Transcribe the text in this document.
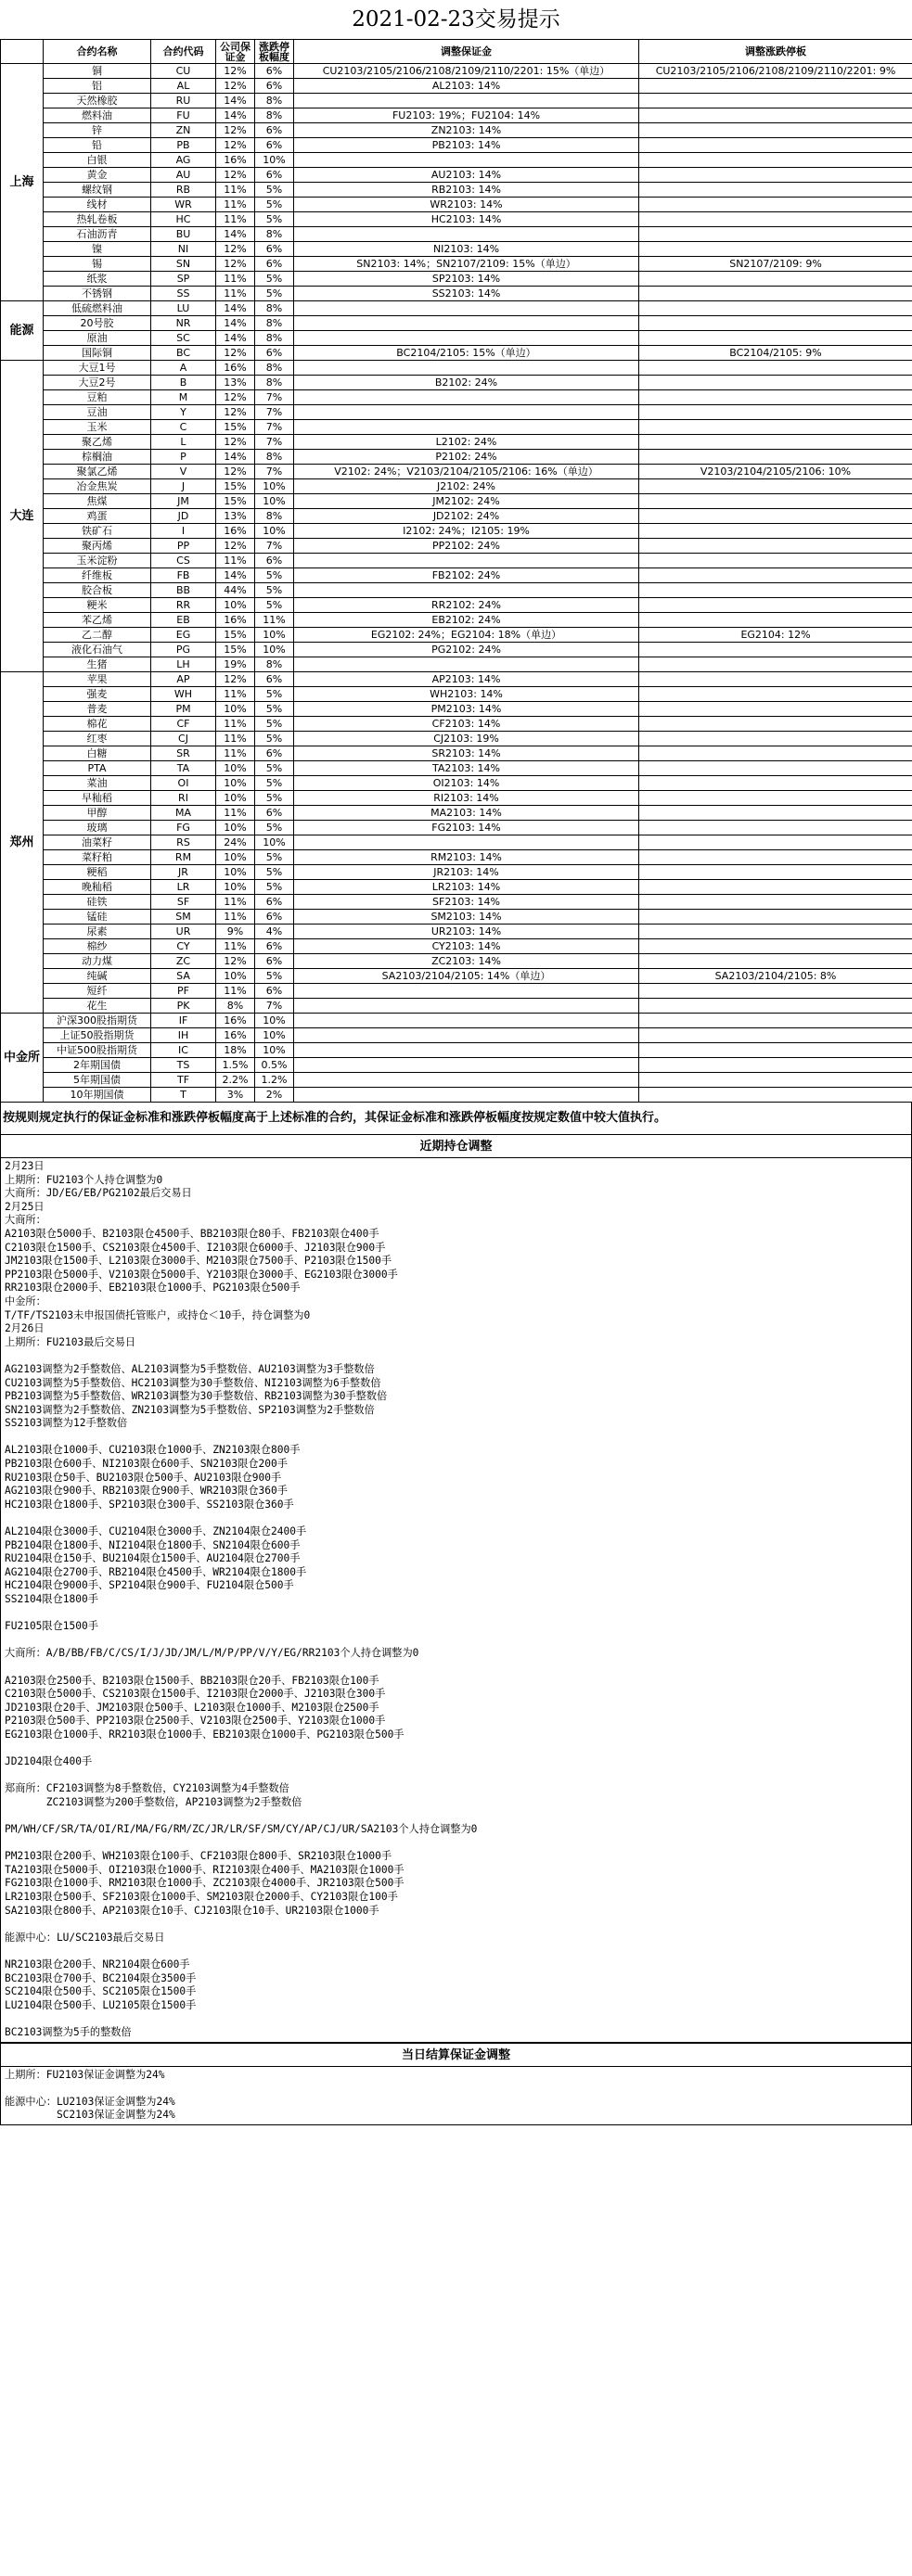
2021-02-23交易提示
	合约名称	合约代码	公司保证金	涨跌停板幅度	调整保证金	调整涨跌停板
上海	铜	CU	12%	6%	CU2103/2105/2106/2108/2109/2110/2201: 15%（单边）	CU2103/2105/2106/2108/2109/2110/2201: 9%
	铝	AL	12%	6%	AL2103: 14%	
	天然橡胶	RU	14%	8%		
	燃料油	FU	14%	8%	FU2103: 19%；FU2104: 14%	
	锌	ZN	12%	6%	ZN2103: 14%	
	铅	PB	12%	6%	PB2103: 14%	
	白银	AG	16%	10%		
	黄金	AU	12%	6%	AU2103: 14%	
	螺纹钢	RB	11%	5%	RB2103: 14%	
	线材	WR	11%	5%	WR2103: 14%	
	热轧卷板	HC	11%	5%	HC2103: 14%	
	石油沥青	BU	14%	8%		
	镍	NI	12%	6%	NI2103: 14%	
	锡	SN	12%	6%	SN2103: 14%；SN2107/2109: 15%（单边）	SN2107/2109: 9%
	纸浆	SP	11%	5%	SP2103: 14%	
	不锈钢	SS	11%	5%	SS2103: 14%	
能源	低硫燃料油	LU	14%	8%		
	20号胶	NR	14%	8%		
	原油	SC	14%	8%		
	国际铜	BC	12%	6%	BC2104/2105: 15%（单边）	BC2104/2105: 9%
大连	大豆1号	A	16%	8%		
	大豆2号	B	13%	8%	B2102: 24%	
	豆粕	M	12%	7%		
	豆油	Y	12%	7%		
	玉米	C	15%	7%		
	聚乙烯	L	12%	7%	L2102: 24%	
	棕榈油	P	14%	8%	P2102: 24%	
	聚氯乙烯	V	12%	7%	V2102: 24%；V2103/2104/2105/2106: 16%（单边）	V2103/2104/2105/2106: 10%
	冶金焦炭	J	15%	10%	J2102: 24%	
	焦煤	JM	15%	10%	JM2102: 24%	
	鸡蛋	JD	13%	8%	JD2102: 24%	
	铁矿石	I	16%	10%	I2102: 24%；I2105: 19%	
	聚丙烯	PP	12%	7%	PP2102: 24%	
	玉米淀粉	CS	11%	6%		
	纤维板	FB	14%	5%	FB2102: 24%	
	胶合板	BB	44%	5%		
	粳米	RR	10%	5%	RR2102: 24%	
	苯乙烯	EB	16%	11%	EB2102: 24%	
	乙二醇	EG	15%	10%	EG2102: 24%；EG2104: 18%（单边）	EG2104: 12%
	液化石油气	PG	15%	10%	PG2102: 24%	
	生猪	LH	19%	8%		
郑州	苹果	AP	12%	6%	AP2103: 14%	
	强麦	WH	11%	5%	WH2103: 14%	
	普麦	PM	10%	5%	PM2103: 14%	
	棉花	CF	11%	5%	CF2103: 14%	
	红枣	CJ	11%	5%	CJ2103: 19%	
	白糖	SR	11%	6%	SR2103: 14%	
	PTA	TA	10%	5%	TA2103: 14%	
	菜油	OI	10%	5%	OI2103: 14%	
	早籼稻	RI	10%	5%	RI2103: 14%	
	甲醇	MA	11%	6%	MA2103: 14%	
	玻璃	FG	10%	5%	FG2103: 14%	
	油菜籽	RS	24%	10%		
	菜籽粕	RM	10%	5%	RM2103: 14%	
	粳稻	JR	10%	5%	JR2103: 14%	
	晚籼稻	LR	10%	5%	LR2103: 14%	
	硅铁	SF	11%	6%	SF2103: 14%	
	锰硅	SM	11%	6%	SM2103: 14%	
	尿素	UR	9%	4%	UR2103: 14%	
	棉纱	CY	11%	6%	CY2103: 14%	
	动力煤	ZC	12%	6%	ZC2103: 14%	
	纯碱	SA	10%	5%	SA2103/2104/2105: 14%（单边）	SA2103/2104/2105: 8%
	短纤	PF	11%	6%		
	花生	PK	8%	7%		
中金所	沪深300股指期货	IF	16%	10%		
	上证50股指期货	IH	16%	10%		
	中证500股指期货	IC	18%	10%		
	2年期国债	TS	1.5%	0.5%		
	5年期国债	TF	2.2%	1.2%		
	10年期国债	T	3%	2%		
按规则规定执行的保证金标准和涨跌停板幅度高于上述标准的合约，其保证金标准和涨跌停板幅度按规定数值中较大值执行。
近期持仓调整
2月23日
上期所：FU2103个人持仓调整为0
大商所：JD/EG/EB/PG2102最后交易日
2月25日
大商所：
A2103限仓5000手、B2103限仓4500手、BB2103限仓80手、FB2103限仓400手
C2103限仓1500手、CS2103限仓4500手、I2103限仓6000手、J2103限仓900手
JM2103限仓1500手、L2103限仓3000手、M2103限仓7500手、P2103限仓1500手
PP2103限仓5000手、V2103限仓5000手、Y2103限仓3000手、EG2103限仓3000手
RR2103限仓2000手、EB2103限仓1000手、PG2103限仓500手
中金所：
T/TF/TS2103未申报国债托管账户，或持仓＜10手，持仓调整为0
2月26日
上期所：FU2103最后交易日
AG2103调整为2手整数倍、AL2103调整为5手整数倍、AU2103调整为3手整数倍
CU2103调整为5手整数倍、HC2103调整为30手整数倍、NI2103调整为6手整数倍
PB2103调整为5手整数倍、WR2103调整为30手整数倍、RB2103调整为30手整数倍
SN2103调整为2手整数倍、ZN2103调整为5手整数倍、SP2103调整为2手整数倍
SS2103调整为12手整数倍
AL2103限仓1000手、CU2103限仓1000手、ZN2103限仓800手
PB2103限仓600手、NI2103限仓600手、SN2103限仓200手
RU2103限仓50手、BU2103限仓500手、AU2103限仓900手
AG2103限仓900手、RB2103限仓900手、WR2103限仓360手
HC2103限仓1800手、SP2103限仓300手、SS2103限仓360手
AL2104限仓3000手、CU2104限仓3000手、ZN2104限仓2400手
PB2104限仓1800手、NI2104限仓1800手、SN2104限仓600手
RU2104限仓150手、BU2104限仓1500手、AU2104限仓2700手
AG2104限仓2700手、RB2104限仓4500手、WR2104限仓1800手
HC2104限仓9000手、SP2104限仓900手、FU2104限仓500手
SS2104限仓1800手
FU2105限仓1500手
大商所：A/B/BB/FB/C/CS/I/J/JD/JM/L/M/P/PP/V/Y/EG/RR2103个人持仓调整为0
A2103限仓2500手、B2103限仓1500手、BB2103限仓20手、FB2103限仓100手
C2103限仓5000手、CS2103限仓1500手、I2103限仓2000手、J2103限仓300手
JD2103限仓20手、JM2103限仓500手、L2103限仓1000手、M2103限仓2500手
P2103限仓500手、PP2103限仓2500手、V2103限仓2500手、Y2103限仓1000手
EG2103限仓1000手、RR2103限仓1000手、EB2103限仓1000手、PG2103限仓500手
JD2104限仓400手
郑商所：CF2103调整为8手整数倍，CY2103调整为4手整数倍
　　　　ZC2103调整为200手整数倍，AP2103调整为2手整数倍
PM/WH/CF/SR/TA/OI/RI/MA/FG/RM/ZC/JR/LR/SF/SM/CY/AP/CJ/UR/SA2103个人持仓调整为0
PM2103限仓200手、WH2103限仓100手、CF2103限仓800手、SR2103限仓1000手
TA2103限仓5000手、OI2103限仓1000手、RI2103限仓400手、MA2103限仓1000手
FG2103限仓1000手、RM2103限仓1000手、ZC2103限仓4000手、JR2103限仓500手
LR2103限仓500手、SF2103限仓1000手、SM2103限仓2000手、CY2103限仓100手
SA2103限仓800手、AP2103限仓10手、CJ2103限仓10手、UR2103限仓1000手
能源中心：LU/SC2103最后交易日
NR2103限仓200手、NR2104限仓600手
BC2103限仓700手、BC2104限仓3500手
SC2104限仓500手、SC2105限仓1500手
LU2104限仓500手、LU2105限仓1500手
BC2103调整为5手的整数倍
当日结算保证金调整
上期所：FU2103保证金调整为24%
能源中心：LU2103保证金调整为24%
　　　　　SC2103保证金调整为24%
